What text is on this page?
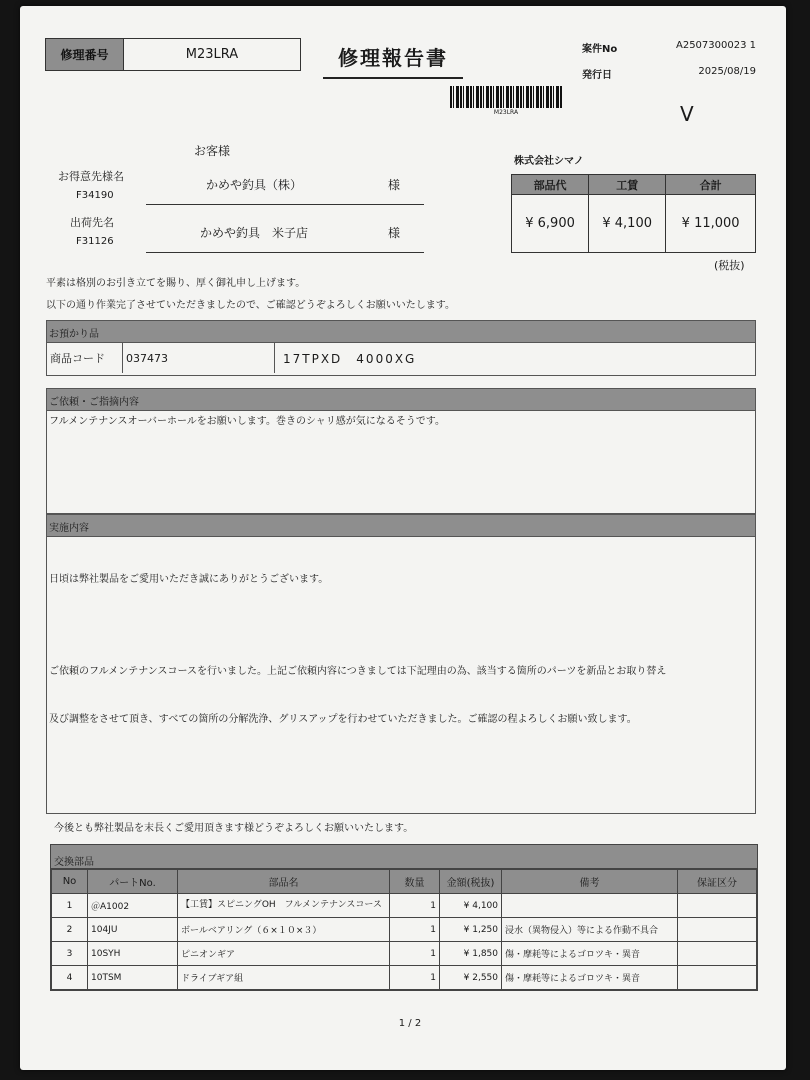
修理番号	M23LRA	修理報告書	案件No	A2507300023 1
発行日	2025/08/19
M23LRA	V
お客様
お得意先様名
F34190
かめや釣具（株）	様
出荷先名
F31126
かめや釣具　米子店	様
株式会社シマノ
部品代	工賃	合計
¥ 6,900	¥ 4,100	¥ 11,000
(税抜)
平素は格別のお引き立てを賜り、厚く御礼申し上げます。
以下の通り作業完了させていただきましたので、ご確認どうぞよろしくお願いいたします。
お預かり品
商品コード	037473	17TPXD　4000XG
ご依頼・ご指摘内容
フルメンテナンスオーバーホールをお願いします。巻きのシャリ感が気になるそうです。
実施内容

日頃は弊社製品をご愛用いただき誠にありがとうございます。

ご依頼のフルメンテナンスコースを行いました。上記ご依頼内容につきましては下記理由の為、該当する箇所のパーツを新品とお取り替え

及び調整をさせて頂き、すべての箇所の分解洗浄、グリスアップを行わせていただきました。ご確認の程よろしくお願い致します。

今後とも弊社製品を末長くご愛用頂きます様どうぞよろしくお願いいたします。
交換部品
No	パートNo.	部品名	数量	金額(税抜)	備考	保証区分
1	＠A1002	【工賃】スピニングOH　フルメンテナンスコース	1	¥ 4,100		
2	104JU	ボールベアリング（６×１０×３）	1	¥ 1,250	浸水（異物侵入）等による作動不具合	
3	10SYH	ピニオンギア	1	¥ 1,850	傷・摩耗等によるゴロツキ・異音	
4	10TSM	ドライブギア組	1	¥ 2,550	傷・摩耗等によるゴロツキ・異音	
1 / 2
